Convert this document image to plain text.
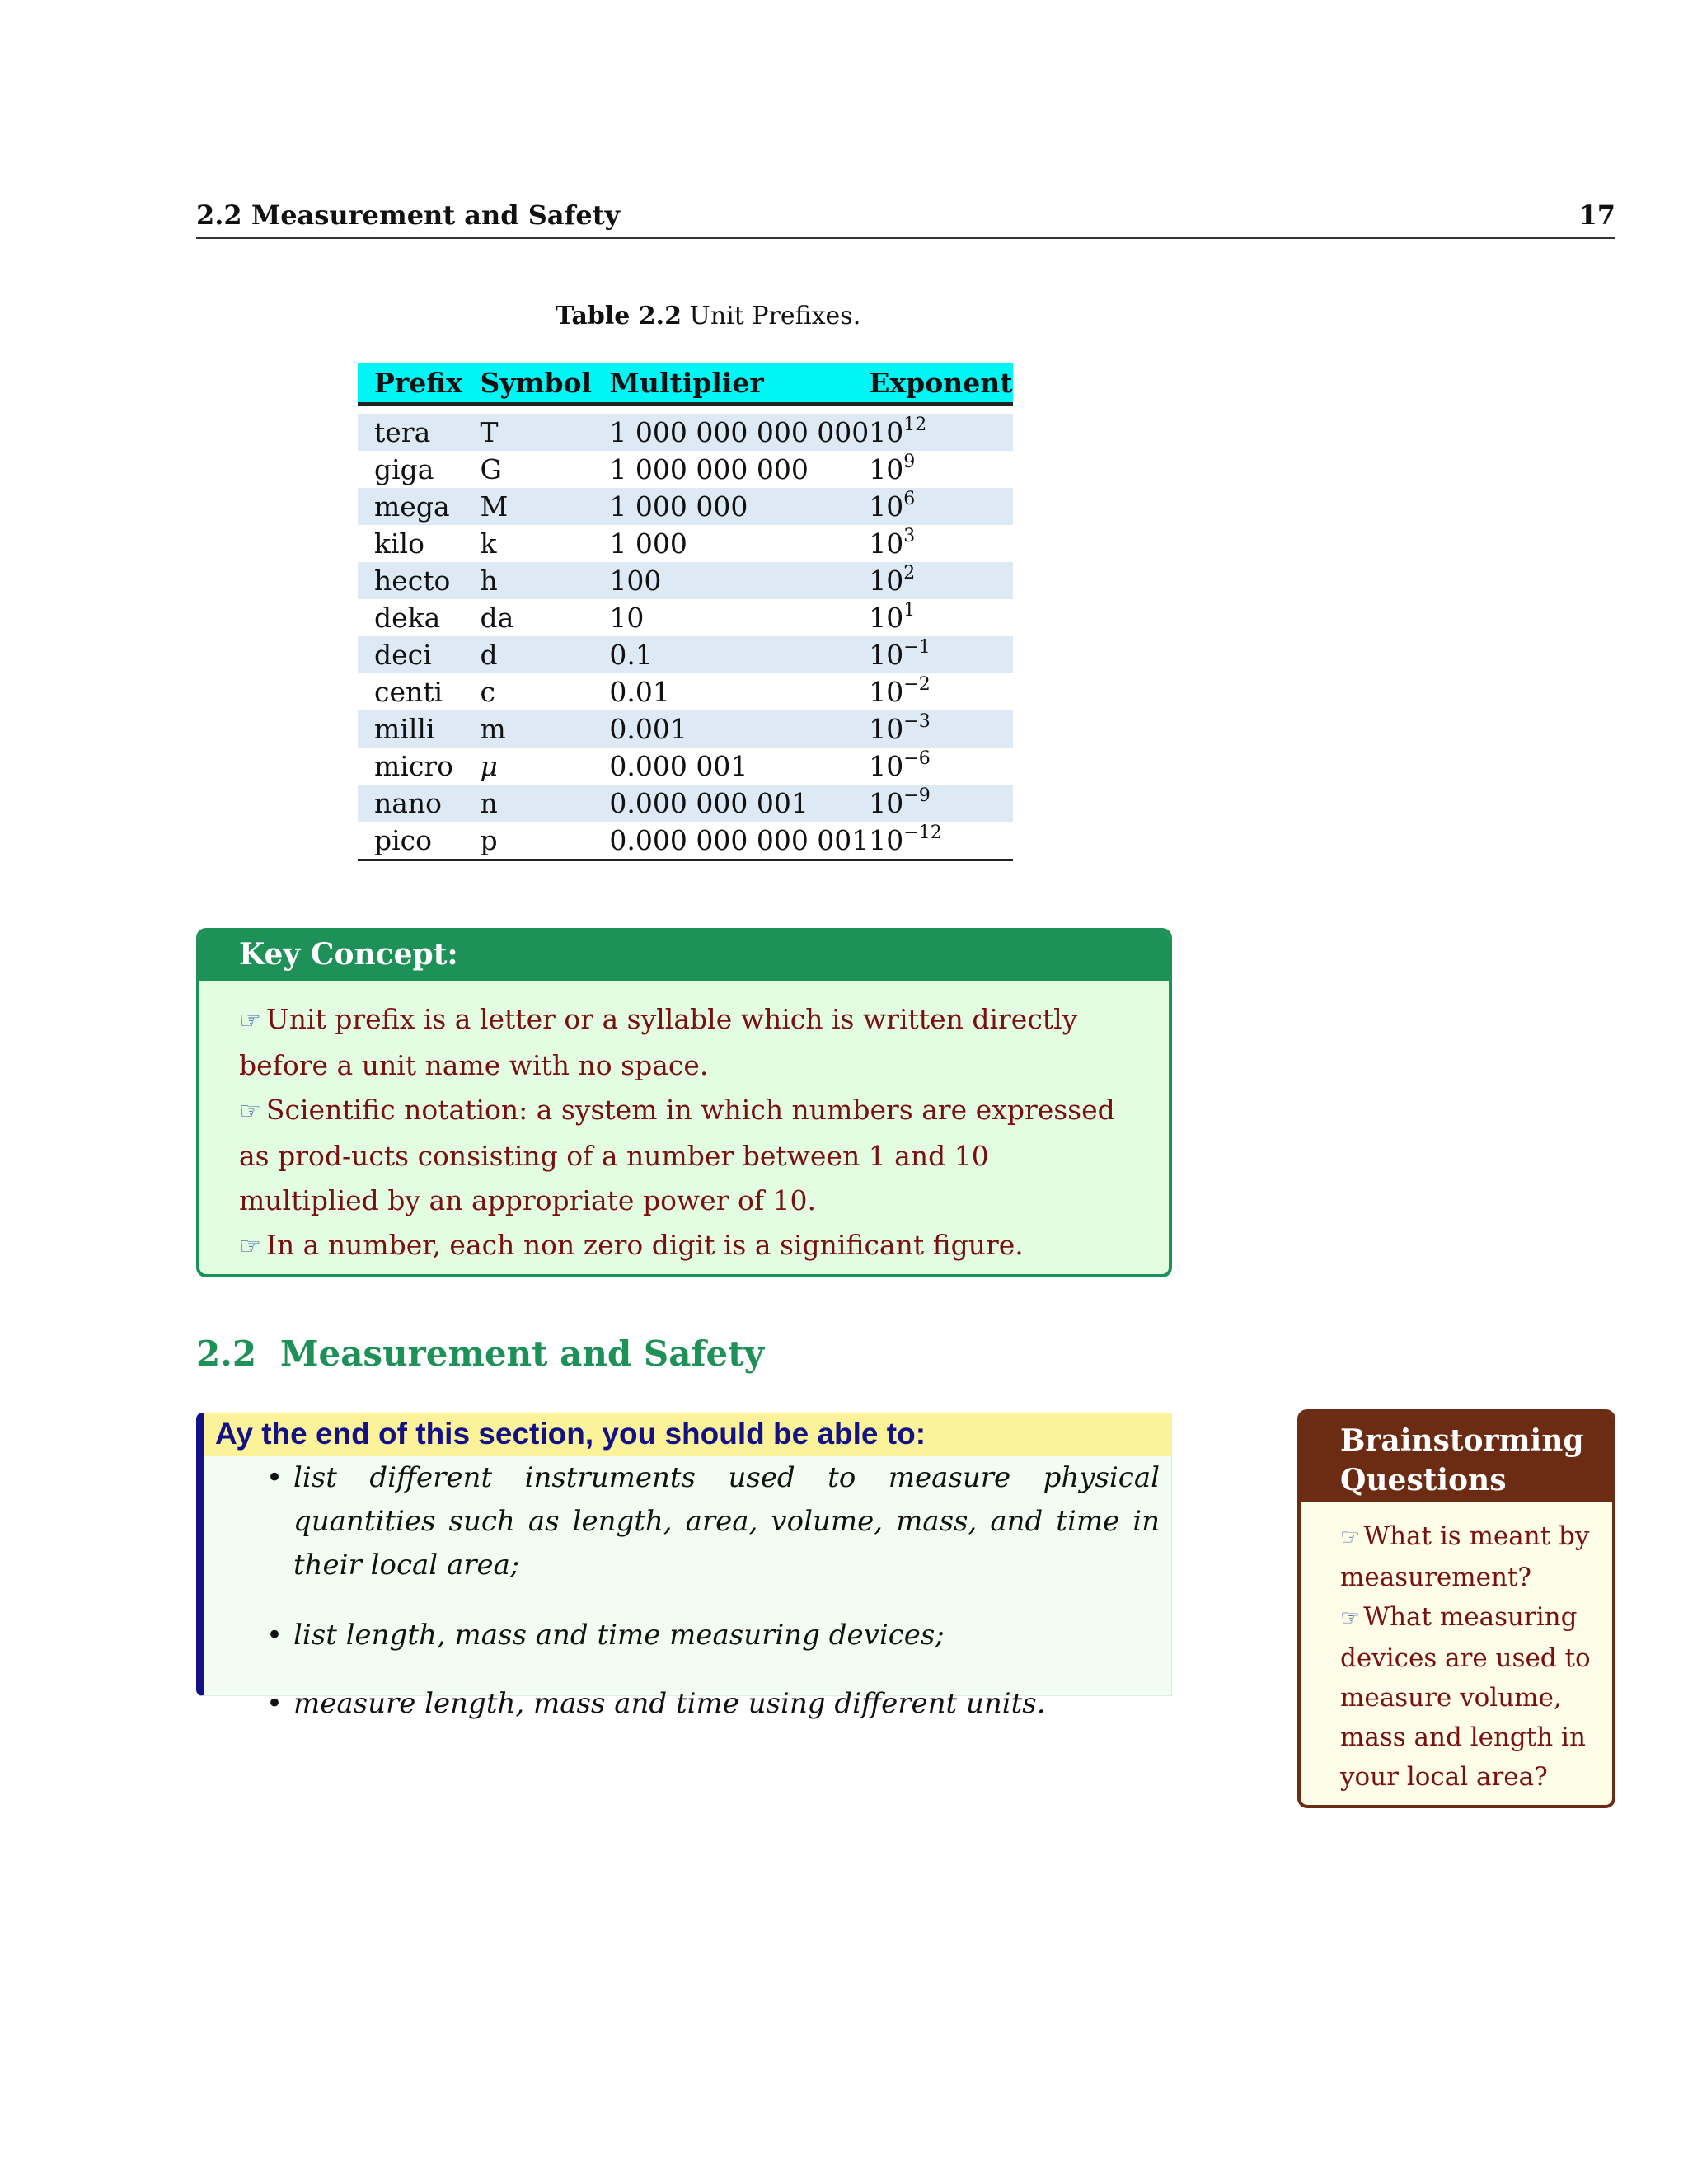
2.2 Measurement and Safety	17
Table 2.2 Unit Prefixes.

Prefix	Symbol	Multiplier	Exponent

tera	T	1 000 000 000 000	$10^{12}$
giga	G	1 000 000 000	$10^9$
mega	M	1 000 000	$10^6$
kilo	k	1 000	$10^3$
hecto	h	100	$10^2$
deka	da	10	$10^1$
deci	d	0.1	$10^{-1}$
centi	c	0.01	$10^{-2}$
milli	m	0.001	$10^{-3}$
micro	μ	0.000 001	$10^{-6}$
nano	n	0.000 000 001	$10^{-9}$
pico	p	0.000 000 000 001	$10^{-12}$

Key Concept:

☞ Unit prefix is a letter or a syllable which is written directly before a unit name with no space.

☞ Scientific notation: a system in which numbers are expressed as prod-ucts consisting of a number between 1 and 10 multiplied by an appropriate power of 10.

☞ In a number, each non zero digit is a significant figure.

2.2 Measurement and Safety
Ay the end of this section, you should be able to:
• list different instruments used to measure physical quantities such as length, area, volume, mass, and time in their local area;
• list length, mass and time measuring devices;
• measure length, mass and time using different units.
Brainstorming Questions

☞ What is meant by measurement?

☞ What measuring devices are used to measure volume, mass and length in your local area?
